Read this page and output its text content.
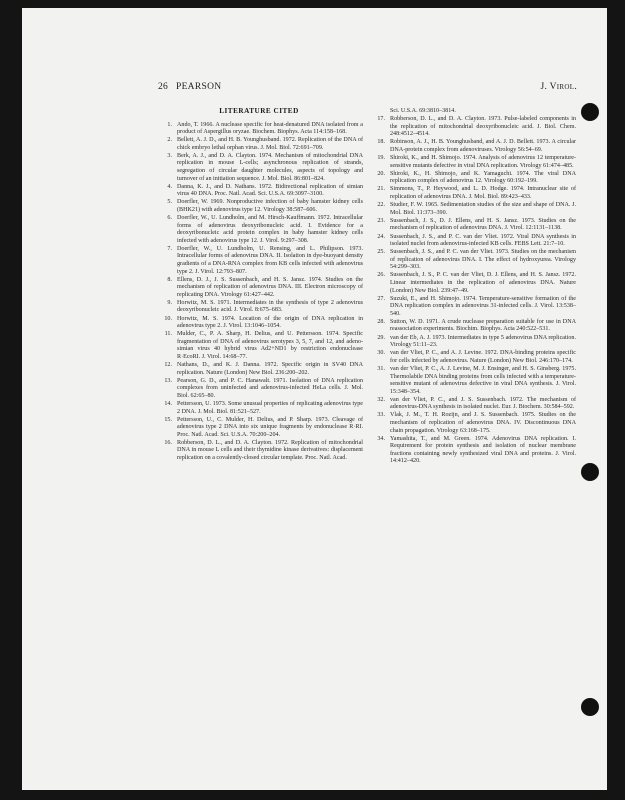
26 PEARSON	J. Virol.
LITERATURE CITED
1. Ando, T. 1966. A nuclease specific for heat-denatured DNA isolated from a product of Aspergillus oryzae. Biochem. Biophys. Acta 114:158–168.
2. Bellett, A. J. D., and H. B. Younghusband. 1972. Replication of the DNA of chick embryo lethal orphan virus. J. Mol. Biol. 72:691–709.
3. Berk, A. J., and D. A. Clayton. 1974. Mechanism of mitochondrial DNA replication in mouse L-cells; asynchronous replication of strands, segregation of circular daughter molecules, aspects of topology and turnover of an initiation sequence. J. Mol. Biol. 86:801–824.
4. Danna, K. J., and D. Nathans. 1972. Bidirectional replication of simian virus 40 DNA. Proc. Natl. Acad. Sci. U.S.A. 69:3097–3100.
5. Doerfler, W. 1969. Nonproductive infection of baby hamster kidney cells (BHK21) with adenovirus type 12. Virology 38:587–606.
6. Doerfler, W., U. Lundholm, and M. Hirsch-Kauffmann. 1972. Intracellular forms of adenovirus deoxyribonucleic acid. I. Evidence for a deoxyribonucleic acid protein complex in baby hamster kidney cells infected with adenovirus type 12. J. Virol. 9:297–308.
7. Doerfler, W., U. Lundholm, U. Rensing, and L. Philipson. 1973. Intracellular forms of adenovirus DNA. II. Isolation in dye-buoyant density gradients of a DNA-RNA complex from KB cells infected with adenovirus type 2. J. Virol. 12:793–807.
8. Ellens, D. J., J. S. Sussenbach, and H. S. Jansz. 1974. Studies on the mechanism of replication of adenovirus DNA. III. Electron microscopy of replicating DNA. Virology 61:427–442.
9. Horwitz, M. S. 1971. Intermediates in the synthesis of type 2 adenovirus deoxyribonucleic acid. J. Virol. 8:675–683.
10. Horwitz, M. S. 1974. Location of the origin of DNA replication in adenovirus type 2. J. Virol. 13:1046–1054.
11. Mulder, C., P. A. Sharp, H. Delius, and U. Pettersson. 1974. Specific fragmentation of DNA of adenovirus serotypes 3, 5, 7, and 12, and adeno-simian virus 40 hybrid virus Ad2+ND1 by restriction endonuclease R·EcoRI. J. Virol. 14:68–77.
12. Nathans, D., and K. J. Danna. 1972. Specific origin in SV40 DNA replication. Nature (London) New Biol. 236:200–202.
13. Pearson, G. D., and P. C. Hanawalt. 1971. Isolation of DNA replication complexes from uninfected and adenovirus-infected HeLa cells. J. Mol. Biol. 62:65–80.
14. Pettersson, U. 1973. Some unusual properties of replicating adenovirus type 2 DNA. J. Mol. Biol. 81:521–527.
15. Pettersson, U., C. Mulder, H. Delius, and P. Sharp. 1973. Cleavage of adenovirus type 2 DNA into six unique fragments by endonuclease R·RI. Proc. Natl. Acad. Sci. U.S.A. 70:200–204.
16. Robberson, D. L., and D. A. Clayton. 1972. Replication of mitochondrial DNA in mouse L cells and their thymidine kinase derivatives: displacement replication on a covalently-closed circular template. Proc. Natl. Acad.
Sci. U.S.A. 69:3810–3814.
17. Robberson, D. L., and D. A. Clayton. 1973. Pulse-labeled components in the replication of mitochondrial deoxyribonucleic acid. J. Biol. Chem. 248:4512–4514.
18. Robinson, A. J., H. B. Younghusband, and A. J. D. Bellett. 1973. A circular DNA-protein complex from adenoviruses. Virology 56:54–69.
19. Shiroki, K., and H. Shimojo. 1974. Analysis of adenovirus 12 temperature-sensitive mutants defective in viral DNA replication. Virology 61:474–485.
20. Shiroki, K., H. Shimojo, and K. Yamaguchi. 1974. The viral DNA replication complex of adenovirus 12. Virology 60:192–199.
21. Simmons, T., P. Heywood, and L. D. Hodge. 1974. Intranuclear site of replication of adenovirus DNA. J. Mol. Biol. 89:423–433.
22. Studier, F. W. 1965. Sedimentation studies of the size and shape of DNA. J. Mol. Biol. 11:373–390.
23. Sussenbach, J. S., D. J. Ellens, and H. S. Jansz. 1973. Studies on the mechanism of replication of adenovirus DNA. J. Virol. 12:1131–1138.
24. Sussenbach, J. S., and P. C. van der Vliet. 1972. Viral DNA synthesis in isolated nuclei from adenovirus-infected KB cells. FEBS Lett. 21:7–10.
25. Sussenbach, J. S., and P. C. van der Vliet. 1973. Studies on the mechanism of replication of adenovirus DNA. I. The effect of hydroxyurea. Virology 54:299–303.
26. Sussenbach, J. S., P. C. van der Vliet, D. J. Ellens, and H. S. Jansz. 1972. Linear intermediates in the replication of adenovirus DNA. Nature (London) New Biol. 239:47–49.
27. Suzuki, E., and H. Shimojo. 1974. Temperature-sensitive formation of the DNA replication complex in adenovirus 31-infected cells. J. Virol. 13:538–540.
28. Sutton, W. D. 1971. A crude nuclease preparation suitable for use in DNA reassociation experiments. Biochim. Biophys. Acta 240:522–531.
29. van der Eb, A. J. 1973. Intermediates in type 5 adenovirus DNA replication. Virology 51:11–23.
30. van der Vliet, P. C., and A. J. Levine. 1972. DNA-binding proteins specific for cells infected by adenovirus. Nature (London) New Biol. 246:170–174.
31. van der Vliet, P. C., A. J. Levine, M. J. Ensinger, and H. S. Ginsberg. 1975. Thermolabile DNA binding proteins from cells infected with a temperature-sensitive mutant of adenovirus defective in viral DNA synthesis. J. Virol. 15:348–354.
32. van der Vliet, P. C., and J. S. Sussenbach. 1972. The mechanism of adenovirus-DNA synthesis in isolated nuclei. Eur. J. Biochem. 30:584–592.
33. Vlak, J. M., T. H. Rozijn, and J. S. Sussenbach. 1975. Studies on the mechanism of replication of adenovirus DNA. IV. Discontinuous DNA chain propagation. Virology 63:168–175.
34. Yamashita, T., and M. Green. 1974. Adenovirus DNA replication. I. Requirement for protein synthesis and isolation of nuclear membrane fractions containing newly synthesized viral DNA and proteins. J. Virol. 14:412–420.
